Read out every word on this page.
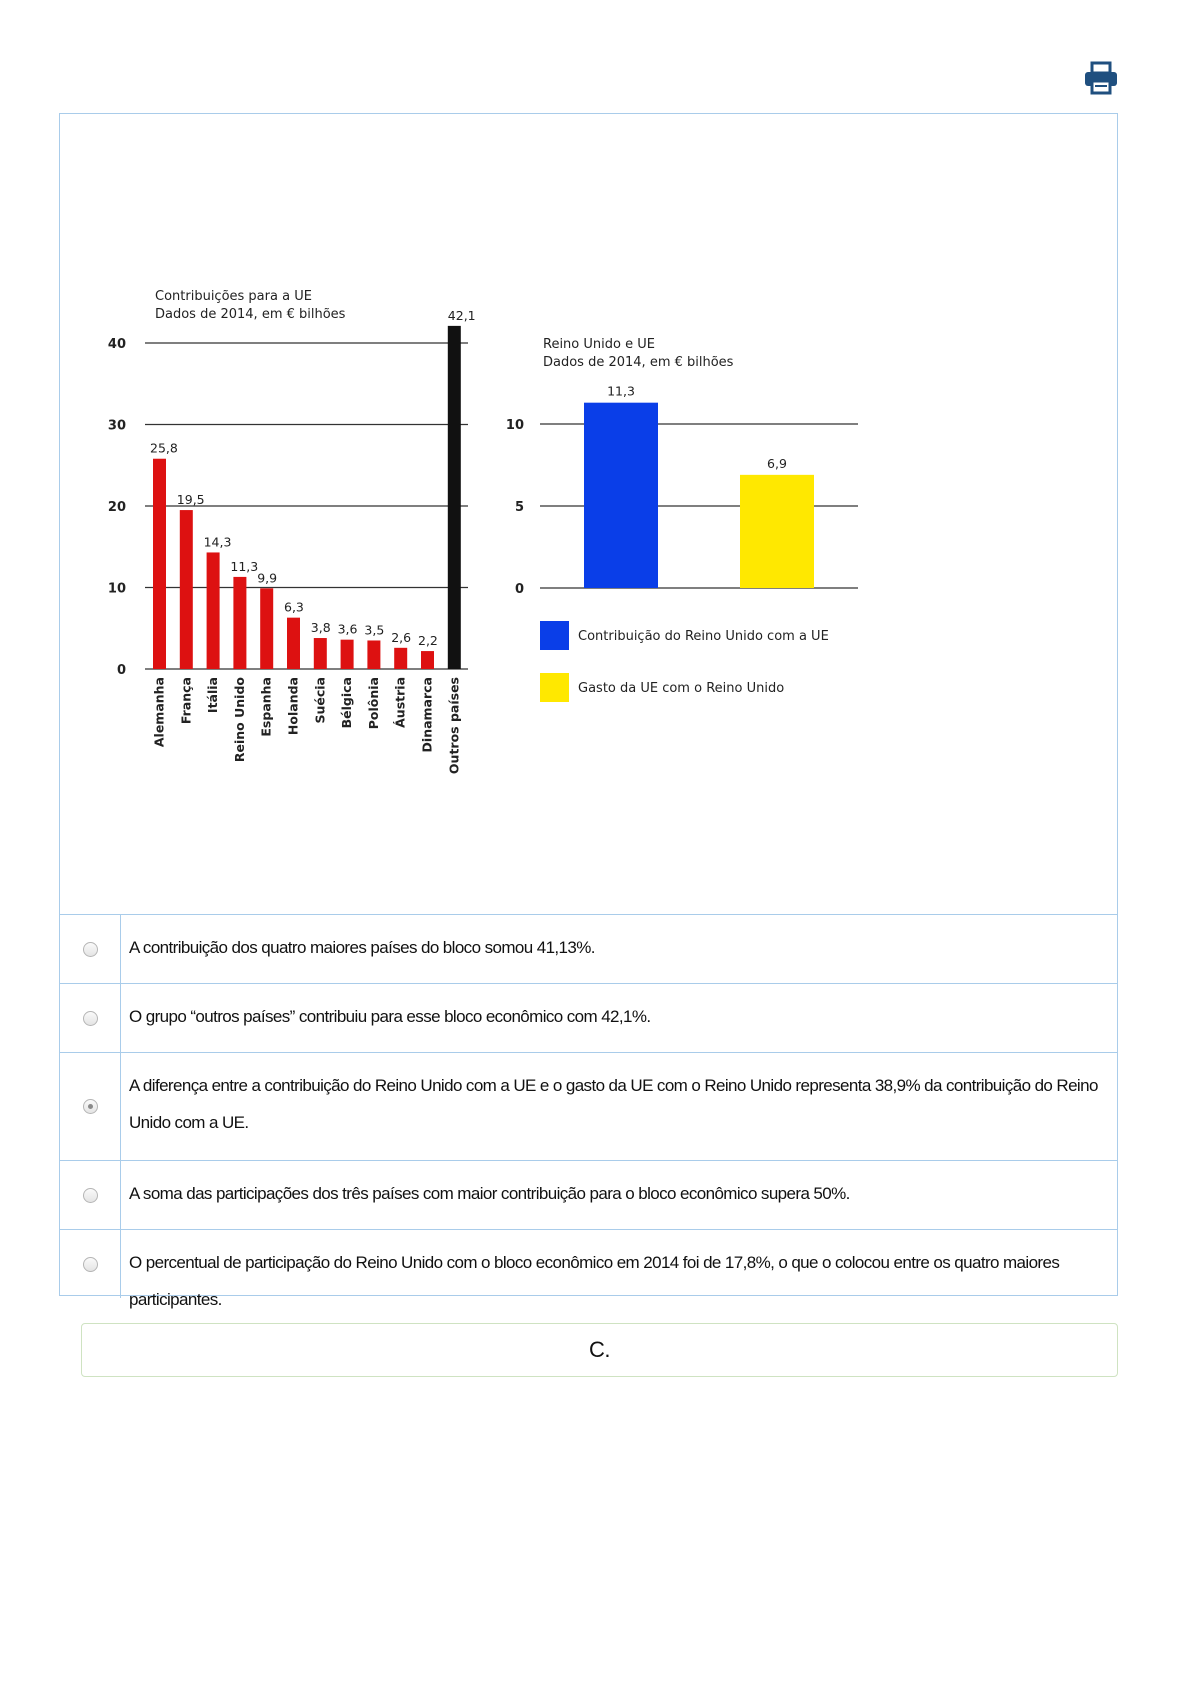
Contribuições para a UE
Dados de 2014, em € bilhões
0
10
20
30
40
25,8
Alemanha
19,5
França
14,3
Itália
11,3
Reino Unido
9,9
Espanha
6,3
Holanda
3,8
Suécia
3,6
Bélgica
3,5
Polônia
2,6
Áustria
2,2
Dinamarca
42,1
Outros países
Reino Unido e UE
Dados de 2014, em € bilhões
0
5
10
11,3
6,9
Contribuição do Reino Unido com a UE
Gasto da UE com o Reino Unido
A contribuição dos quatro maiores países do bloco somou 41,13%.
O grupo “outros países” contribuiu para esse bloco econômico com 42,1%.
A diferença entre a contribuição do Reino Unido com a UE e o gasto da UE com o Reino Unido representa 38,9% da contribuição do Reino Unido com a UE.
A soma das participações dos três países com maior contribuição para o bloco econômico supera 50%.
O percentual de participação do Reino Unido com o bloco econômico em 2014 foi de 17,8%, o que o colocou entre os quatro maiores participantes.
C.
